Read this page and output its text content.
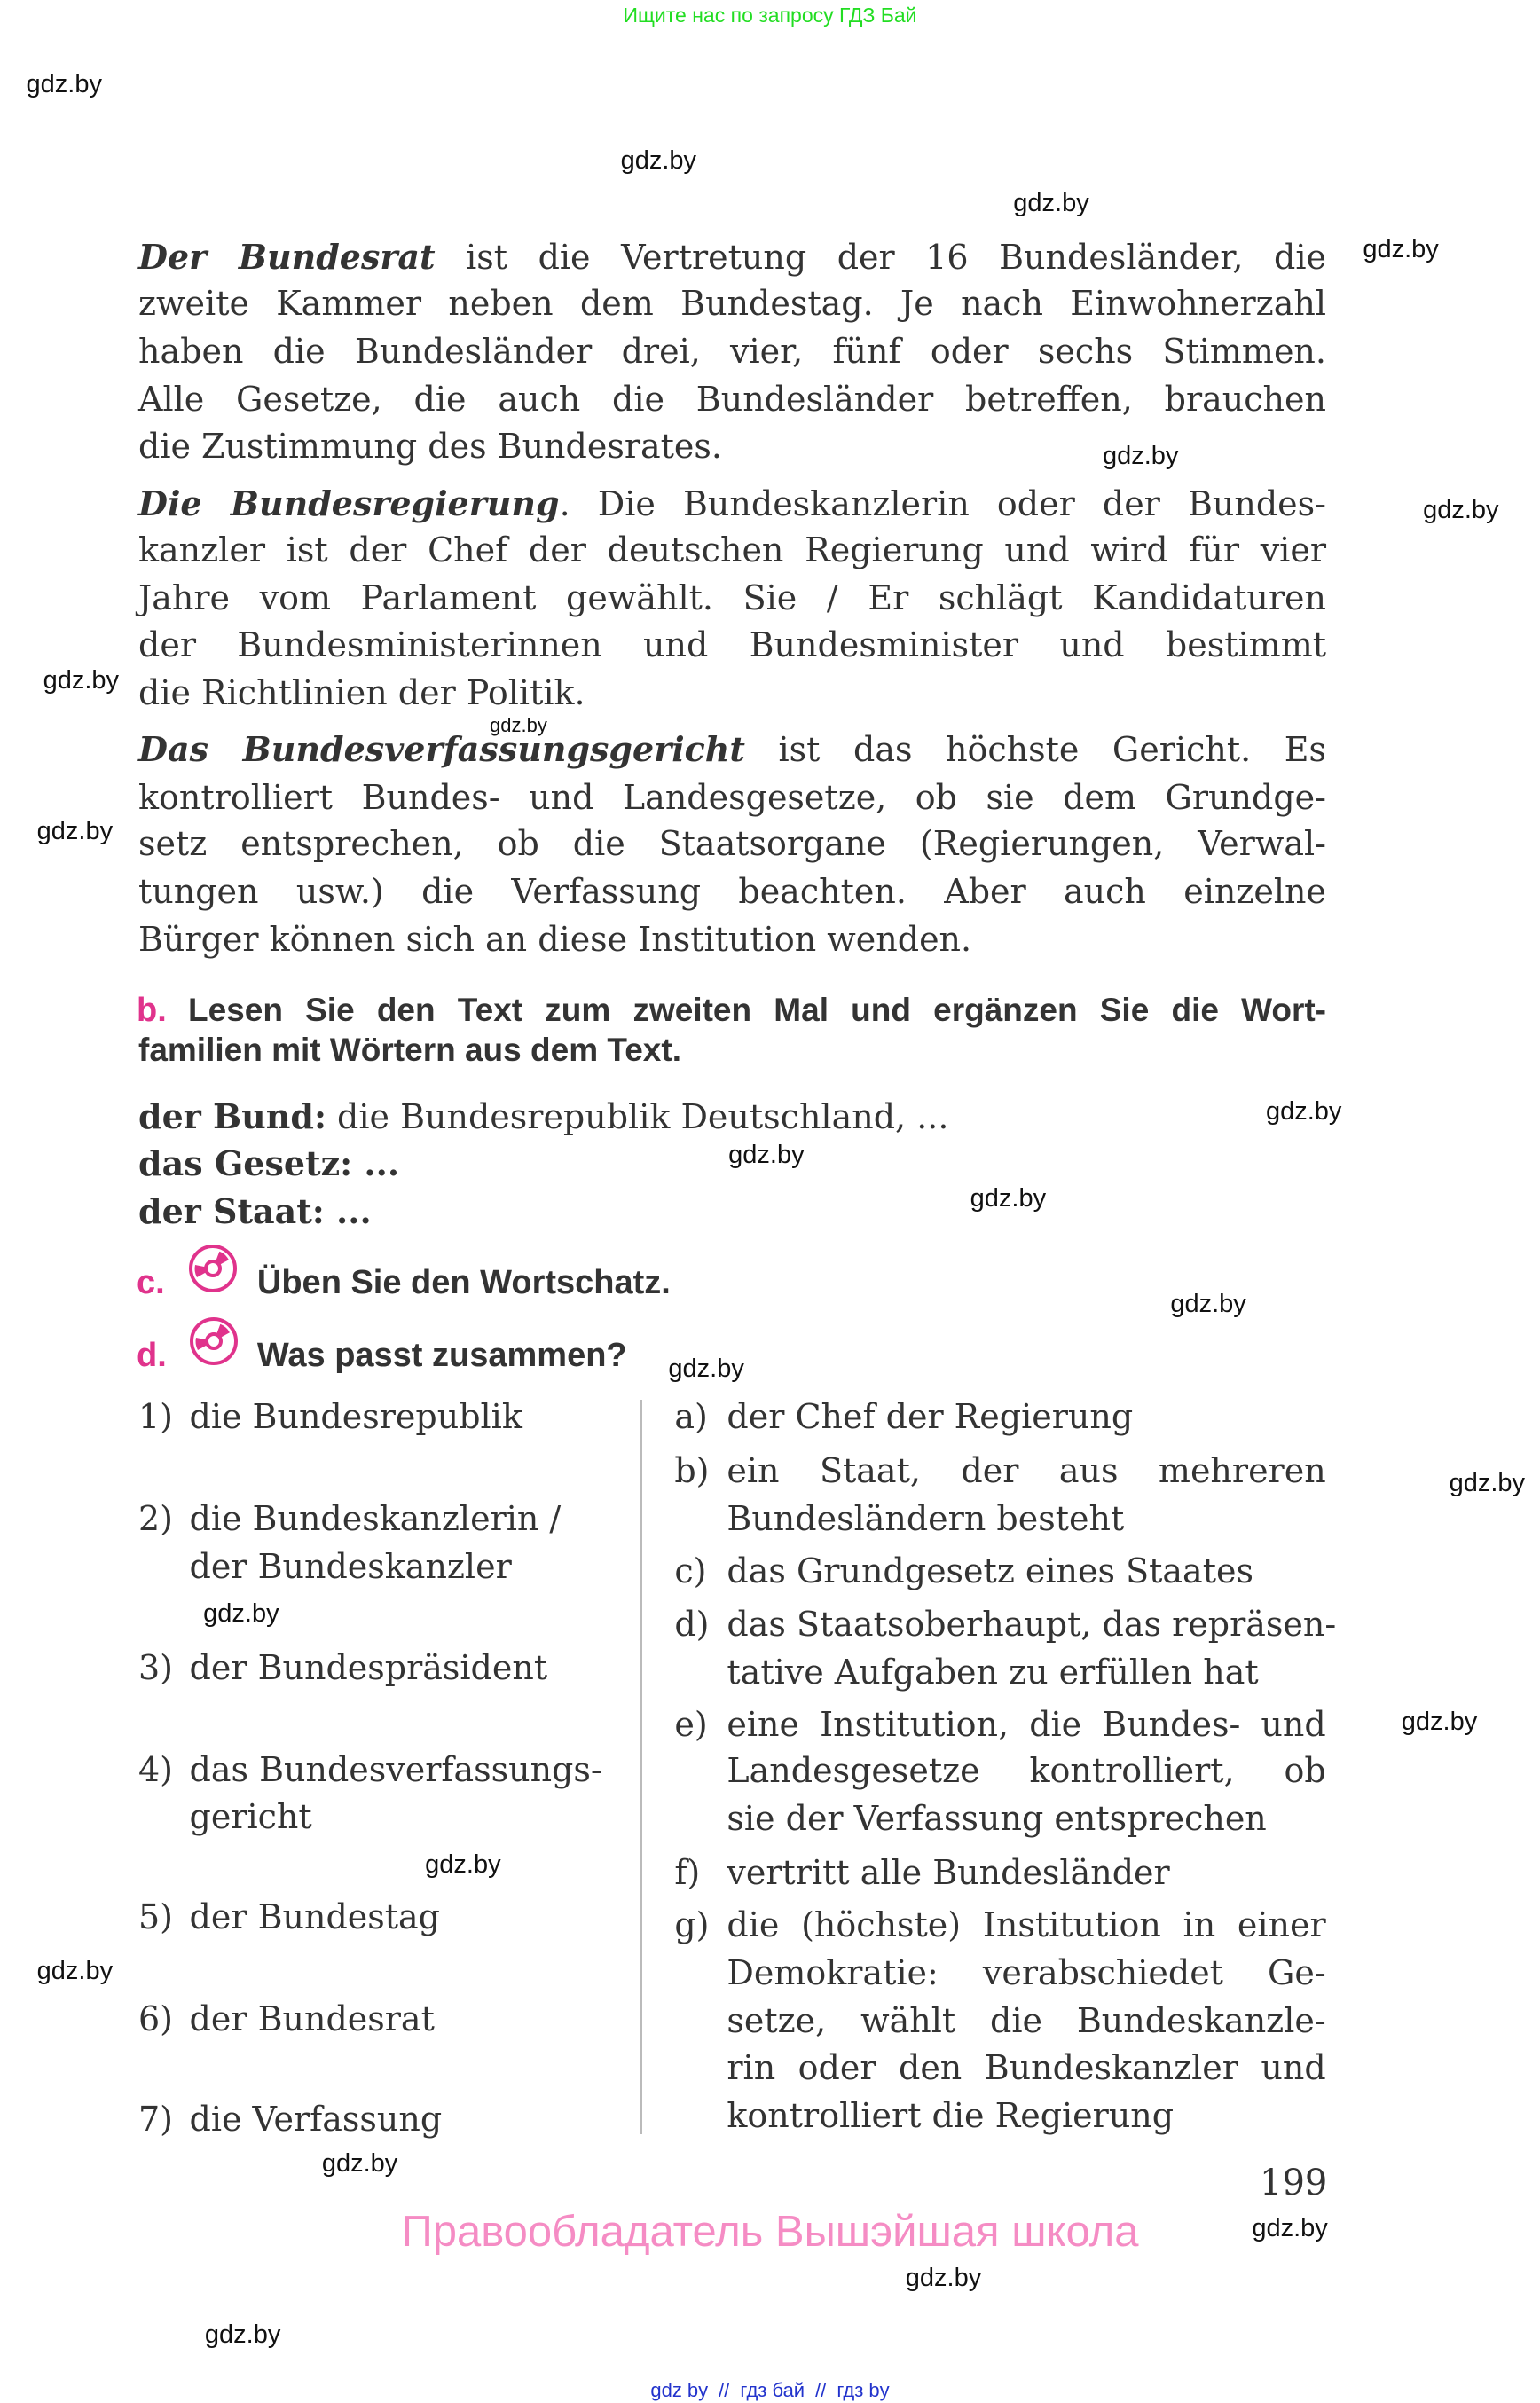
Ищите нас по запросу ГДЗ Бай
Der Bundesrat ist die Vertretung der 16 Bundesländer, die
zweite Kammer neben dem Bundestag. Je nach Einwohnerzahl
haben die Bundesländer drei, vier, fünf oder sechs Stimmen.
Alle Gesetze, die auch die Bundesländer betreffen, brauchen
die Zustimmung des Bundesrates.
Die Bundesregierung. Die Bundeskanzlerin oder der Bundes-
kanzler ist der Chef der deutschen Regierung und wird für vier
Jahre vom Parlament gewählt. Sie / Er schlägt Kandidaturen
der Bundesministerinnen und Bundesminister und bestimmt
die Richtlinien der Politik.
Das Bundesverfassungsgericht ist das höchste Gericht. Es
kontrolliert Bundes- und Landesgesetze, ob sie dem Grundge-
setz entsprechen, ob die Staatsorgane (Regierungen, Verwal-
tungen usw.) die Verfassung beachten. Aber auch einzelne
Bürger können sich an diese Institution wenden.
b. Lesen Sie den Text zum zweiten Mal und ergänzen Sie die Wort-
familien mit Wörtern aus dem Text.
der Bund: die Bundesrepublik Deutschland, ...
das Gesetz: ...
der Staat: ...
c.	Üben Sie den Wortschatz.
d.	Was passt zusammen?
1) die Bundesrepublik
2) die Bundeskanzlerin /
der Bundeskanzler
3) der Bundespräsident
4) das Bundesverfassungs-
gericht
5) der Bundestag
6) der Bundesrat
7) die Verfassung
a) der Chef der Regierung
b) ein Staat, der aus mehreren
Bundesländern besteht
c) das Grundgesetz eines Staates
d) das Staatsoberhaupt, das repräsen-
tative Aufgaben zu erfüllen hat
e) eine Institution, die Bundes- und
Landesgesetze kontrolliert, ob
sie der Verfassung entsprechen
f) vertritt alle Bundesländer
g) die (höchste) Institution in einer
Demokratie: verabschiedet Ge-
setze, wählt die Bundeskanzle-
rin oder den Bundeskanzler und
kontrolliert die Regierung
gdz.by
gdz.by
gdz.by
gdz.by
gdz.by
gdz.by
gdz.by
gdz.by
gdz.by
gdz.by
gdz.by
gdz.by
gdz.by
gdz.by
gdz.by
gdz.by
gdz.by
gdz.by
gdz.by
gdz.by
gdz.by
gdz.by
gdz.by
199
Правообладатель Вышэйшая школа
gdz by // гдз бай // гдз by
